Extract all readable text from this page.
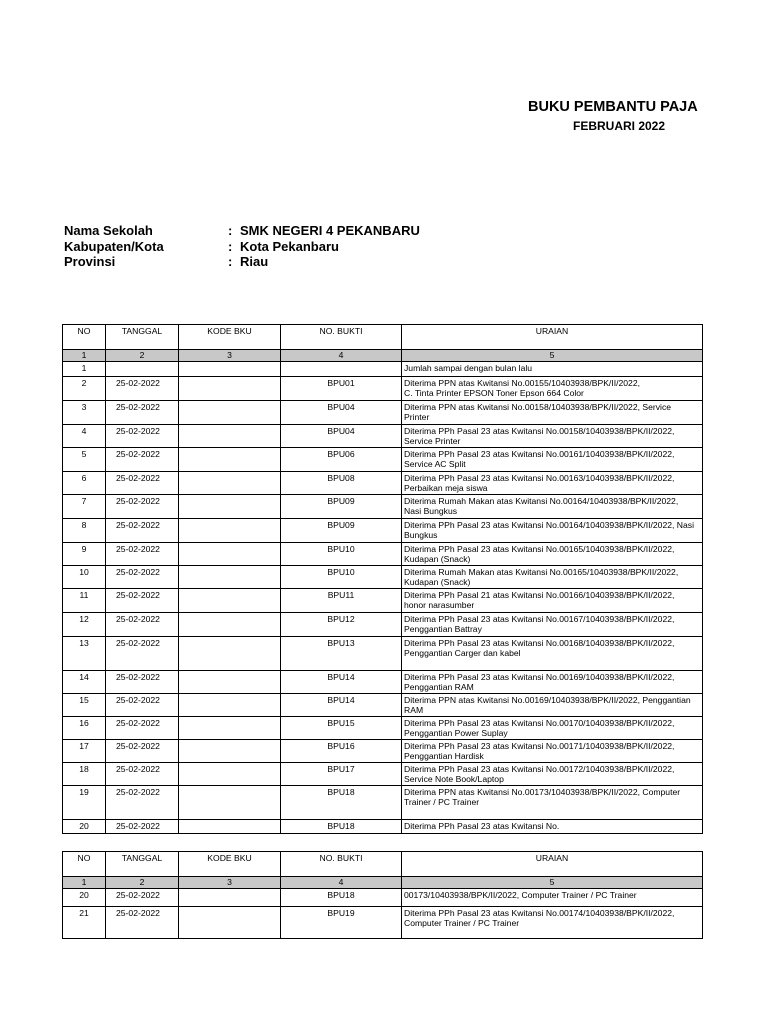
BUKU PEMBANTU PAJA
FEBRUARI 2022
Nama Sekolah	: SMK NEGERI 4 PEKANBARU
Kabupaten/Kota	: Kota Pekanbaru
Provinsi	: Riau
NO	TANGGAL	KODE BKU	NO. BUKTI	URAIAN
1	2	3	4	5
1				Jumlah sampai dengan bulan lalu
2	25-02-2022		BPU01	Diterima PPN atas Kwitansi No.00155/10403938/BPK/II/2022,
C. Tinta Printer EPSON Toner Epson 664 Color
3	25-02-2022		BPU04	Diterima PPN atas Kwitansi No.00158/10403938/BPK/II/2022, Service
Printer
4	25-02-2022		BPU04	Diterima PPh Pasal 23 atas Kwitansi No.00158/10403938/BPK/II/2022,
Service Printer
5	25-02-2022		BPU06	Diterima PPh Pasal 23 atas Kwitansi No.00161/10403938/BPK/II/2022,
Service AC Split
6	25-02-2022		BPU08	Diterima PPh Pasal 23 atas Kwitansi No.00163/10403938/BPK/II/2022,
Perbaikan meja siswa
7	25-02-2022		BPU09	Diterima Rumah Makan atas Kwitansi No.00164/10403938/BPK/II/2022,
Nasi Bungkus
8	25-02-2022		BPU09	Diterima PPh Pasal 23 atas Kwitansi No.00164/10403938/BPK/II/2022, Nasi
Bungkus
9	25-02-2022		BPU10	Diterima PPh Pasal 23 atas Kwitansi No.00165/10403938/BPK/II/2022,
Kudapan (Snack)
10	25-02-2022		BPU10	Diterima Rumah Makan atas Kwitansi No.00165/10403938/BPK/II/2022,
Kudapan (Snack)
11	25-02-2022		BPU11	Diterima PPh Pasal 21 atas Kwitansi No.00166/10403938/BPK/II/2022,
honor narasumber
12	25-02-2022		BPU12	Diterima PPh Pasal 23 atas Kwitansi No.00167/10403938/BPK/II/2022,
Penggantian Battray
13	25-02-2022		BPU13	Diterima PPh Pasal 23 atas Kwitansi No.00168/10403938/BPK/II/2022,
Penggantian Carger dan kabel
14	25-02-2022		BPU14	Diterima PPh Pasal 23 atas Kwitansi No.00169/10403938/BPK/II/2022,
Penggantian RAM
15	25-02-2022		BPU14	Diterima PPN atas Kwitansi No.00169/10403938/BPK/II/2022, Penggantian
RAM
16	25-02-2022		BPU15	Diterima PPh Pasal 23 atas Kwitansi No.00170/10403938/BPK/II/2022,
Penggantian Power Suplay
17	25-02-2022		BPU16	Diterima PPh Pasal 23 atas Kwitansi No.00171/10403938/BPK/II/2022,
Penggantian Hardisk
18	25-02-2022		BPU17	Diterima PPh Pasal 23 atas Kwitansi No.00172/10403938/BPK/II/2022,
Service Note Book/Laptop
19	25-02-2022		BPU18	Diterima PPN atas Kwitansi No.00173/10403938/BPK/II/2022, Computer
Trainer / PC Trainer
20	25-02-2022		BPU18	Diterima PPh Pasal 23 atas Kwitansi No.
NO	TANGGAL	KODE BKU	NO. BUKTI	URAIAN
1	2	3	4	5
20	25-02-2022		BPU18	00173/10403938/BPK/II/2022, Computer Trainer / PC Trainer
21	25-02-2022		BPU19	Diterima PPh Pasal 23 atas Kwitansi No.00174/10403938/BPK/II/2022,
Computer Trainer / PC Trainer
